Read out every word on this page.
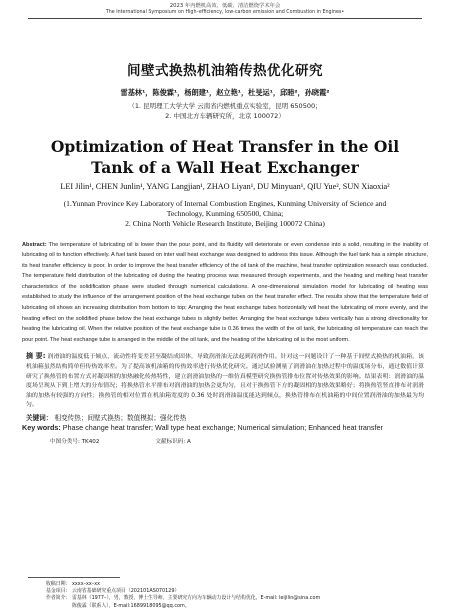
2023 年内燃机高效、低碳、清洁燃烧学术年会
The International Symposium on High–efficiency, low-carbon emission and Combustion in Engines•
间壁式换热机油箱传热优化研究
雷基林¹，陈俊霖¹，杨朗建¹，赵立艳¹，杜旻运¹，邱睦²，孙晓霞²
（1. 昆明理工大学大学 云南省内燃机重点实验室，昆明 650500；
2. 中国北方车辆研究所，北京 100072）
Optimization of Heat Transfer in the Oil Tank of a Wall Heat Exchanger
LEI Jilin¹, CHEN Junlin¹, YANG Langjian¹, ZHAO Liyan¹, DU Minyuan¹, QIU Yue², SUN Xiaoxia²
(1.Yunnan Province Key Laboratory of Internal Combustion Engines, Kunming University of Science and Technology, Kunming 650500, China;
2. China North Vehicle Research Institute, Beijing 100072 China)
Abstract: The temperature of lubricating oil is lower than the pour point, and its fluidity will deteriorate or even condense into a solid, resulting in the inability of lubricating oil to function effectively. A fuel tank based on inter wall heat exchange was designed to address this issue. Although the fuel tank has a simple structure, its heat transfer efficiency is poor. In order to improve the heat transfer efficiency of the oil tank of the machine, heat transfer optimization research was conducted. The temperature field distribution of the lubricating oil during the heating process was measured through experiments, and the heating and melting heat transfer characteristics of the solidification phase were studied through numerical calculations. A one-dimensional simulation model for lubricating oil heating was established to study the influence of the arrangement position of the heat exchange tubes on the heat transfer effect. The results show that the temperature field of lubricating oil shows an increasing distribution from bottom to top; Arranging the heat exchange tubes horizontally will heat the lubricating oil more evenly, and the heating effect on the solidified phase below the heat exchange tubes is slightly better. Arranging the heat exchange tubes vertically has a strong directionality for heating the lubricating oil. When the relative position of the heat exchange tube is 0.36 times the width of the oil tank, the lubricating oil temperature can reach the pour point. The heat exchange tube is arranged in the middle of the oil tank, and the heating of the lubricating oil is the most uniform.
摘 要: 润滑油的温度低于倾点，流动性将变差甚至凝结成固体，导致润滑油无法起到润滑作用。针对这一问题设计了一种基于间壁式换热的机油箱，该机油箱虽然结构简单但传热效率差。为了提高该机油箱的传热效率进行传热优化研究。通过试验测量了润滑油在加热过程中的温度场分布，通过数值计算研究了换热管的布置方式对凝固相的加热融化传热特性，建立润滑油加热的一维仿真模型研究换热管排布位置对传热效果的影响。结果表明：润滑油的温度场呈现从下到上增大的分布情况；将换热管水平排布对润滑油的加热会更均匀，且对于换热管下方的凝固相的加热效果略好；将换热管竖直排布对润滑油的加热有较强的方向性；换热管的相对位置在机油箱宽度的 0.36 处时润滑油温度能达到倾点，换热管排布在机油箱的中间位置润滑油的加热最为均匀。
关键词： 相变传热；间壁式换热；数值模拟；强化传热
Key words: Phase change heat transfer; Wall type heat exchange; Numerical simulation; Enhanced heat transfer
中图分类号: TK402	文献标识码: A
收稿日期： xxxx–xx–xx
基金项目： 云南省基础研究重点项目（202101AS070129）
作者简介： 雷基林（1977–），男，教授，博士生导师，主要研究方向为车辆动力设计与结构优化，E-mail: leijilin@sina.com
陈俊霖（联系人），E-mail:1689918095@qq.com。
